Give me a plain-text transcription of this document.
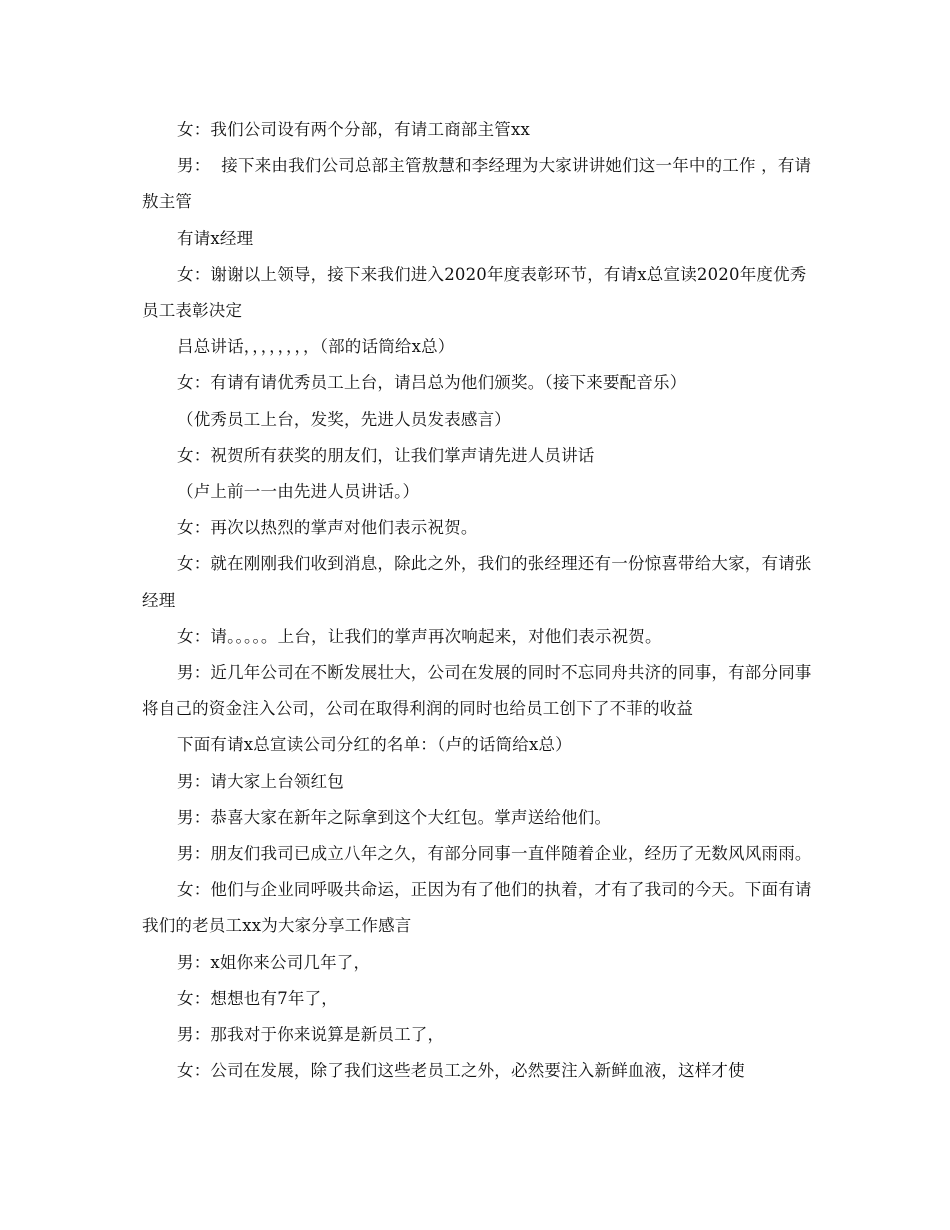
女：我们公司设有两个分部，有请工商部主管xx

男：  接下来由我们公司总部主管敖慧和李经理为大家讲讲她们这一年中的工作 ，有请敖主管

有请x经理

女：谢谢以上领导，接下来我们进入2020年度表彰环节，有请x总宣读2020年度优秀员工表彰决定

吕总讲话，，，，，，，，（部的话筒给x总）

女：有请有请优秀员工上台，请吕总为他们颁奖。（接下来要配音乐）

（优秀员工上台，发奖，先进人员发表感言）

女：祝贺所有获奖的朋友们，让我们掌声请先进人员讲话

（卢上前一一由先进人员讲话。）

女：再次以热烈的掌声对他们表示祝贺。

女：就在刚刚我们收到消息，除此之外，我们的张经理还有一份惊喜带给大家，有请张经理

女：请。。。。。上台，让我们的掌声再次响起来，对他们表示祝贺。

男：近几年公司在不断发展壮大，公司在发展的同时不忘同舟共济的同事，有部分同事将自己的资金注入公司，公司在取得利润的同时也给员工创下了不菲的收益

下面有请x总宣读公司分红的名单：（卢的话筒给x总）

男：请大家上台领红包

男：恭喜大家在新年之际拿到这个大红包。掌声送给他们。

男：朋友们我司已成立八年之久，有部分同事一直伴随着企业，经历了无数风风雨雨。

女：他们与企业同呼吸共命运，正因为有了他们的执着，才有了我司的今天。下面有请我们的老员工xx为大家分享工作感言

男：x姐你来公司几年了，

女：想想也有7年了，

男：那我对于你来说算是新员工了，

女：公司在发展，除了我们这些老员工之外，必然要注入新鲜血液，这样才使
